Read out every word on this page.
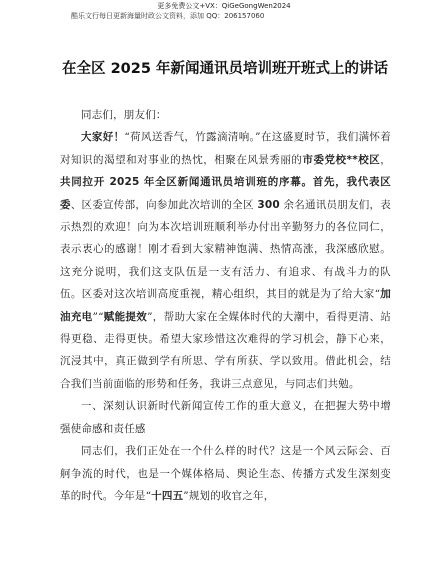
更多免费公文+VX：QiGeGongWen2024
酷乐文行每日更新海量时政公文资料，添加 QQ：206157060
在全区 2025 年新闻通讯员培训班开班式上的讲话

同志们，朋友们：

大家好！“荷风送香气，竹露滴清响。”在这盛夏时节，我们满怀着对知识的渴望和对事业的热忱，相聚在风景秀丽的市委党校**校区，共同拉开 2025 年全区新闻通讯员培训班的序幕。首先，我代表区委、区委宣传部，向参加此次培训的全区 300 余名通讯员朋友们，表示热烈的欢迎！向为本次培训班顺利举办付出辛勤努力的各位同仁，表示衷心的感谢！刚才看到大家精神饱满、热情高涨，我深感欣慰。这充分说明，我们这支队伍是一支有活力、有追求、有战斗力的队伍。区委对这次培训高度重视，精心组织，其目的就是为了给大家“加油充电”“赋能提效”，帮助大家在全媒体时代的大潮中，看得更清、站得更稳、走得更快。希望大家珍惜这次难得的学习机会，静下心来，沉浸其中，真正做到学有所思、学有所获、学以致用。借此机会，结合我们当前面临的形势和任务，我讲三点意见，与同志们共勉。

一、深刻认识新时代新闻宣传工作的重大意义，在把握大势中增强使命感和责任感

同志们，我们正处在一个什么样的时代？这是一个风云际会、百舸争流的时代，也是一个媒体格局、舆论生态、传播方式发生深刻变革的时代。今年是“十四五”规划的收官之年，
